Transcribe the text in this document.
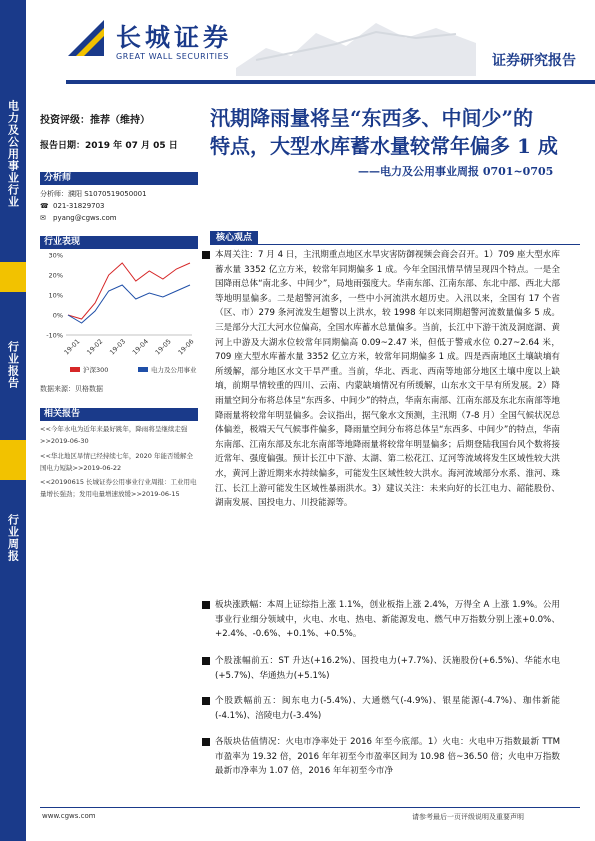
电力及公用事业行业
行业报告
行业周报
长城证券
GREAT WALL SECURITIES	证券研究报告
投资评级：推荐（维持）
报告日期：2019 年 07 月 05 日
分析师
分析师：濮阳 S1070519050001
☎ 021-31829703
✉	pyang@cgws.com
行业表现
30%
20%
10%
0%
-10%
19-01 19-02 19-03 19-04 19-05 19-06
沪深300	电力及公用事业
数据来源：贝格数据
相关报告
<<今年水电为近年来最好跳年，降雨将呈继续走强>>2019-06-30
<<华北地区旱情已经持续七年，2020 年能否缓解全国电力短缺>>2019-06-22
<<20190615 长城证券公用事业行业周报：工业用电量增长强劲；发用电量增速放缓>>2019-06-15
汛期降雨量将呈“东西多、中间少”的
特点，大型水库蓄水量较常年偏多 1 成
——电力及公用事业周报 0701~0705
核心观点
本周关注：7 月 4 日，主汛期重点地区水旱灾害防御视频会商会召开。1）709 座大型水库蓄水量 3352 亿立方米，较常年同期偏多 1 成。今年全国汛情旱情呈现四个特点。一是全国降雨总体“南北多、中间少”，局地雨强度大。华南东部、江南东部、东北中部、西北大部等地明显偏多。二是超警河流多，一些中小河流洪水超历史。入汛以来，全国有 17 个省（区、市）279 条河流发生超警以上洪水，较 1998 年以来同期超警河流数量偏多 5 成。三是部分大江大河水位偏高，全国水库蓄水总量偏多。当前，长江中下游干流及洞庭湖、黄河上中游及大湖水位较常年同期偏高 0.09~2.47 米，但低于警戒水位 0.27~2.64 米，709 座大型水库蓄水量 3352 亿立方米，较常年同期偏多 1 成。四是西南地区土壤缺墒有所缓解，部分地区水文干旱严重。当前，华北、西北、西南等地部分地区土壤中度以上缺墒，前期旱情较重的四川、云南、内蒙缺墒情况有所缓解，山东水文干早有所发展。2）降雨量空间分布将总体呈“东西多、中间少”的特点，华南东南部、江南东部及东北东南部等地降雨量将较常年明显偏多。会议指出，据气象水文预测，主汛期（7-8 月）全国气候状况总体偏差，极端天气气候事件偏多，降雨量空间分布将总体呈“东西多、中间少”的特点，华南东南部、江南东部及东北东南部等地降雨量将较常年明显偏多；后期登陆我国台风个数将接近常年、强度偏强。预计长江中下游、太湖、第二松花江、辽河等流域将发生区域性较大洪水，黄河上游近期来水持续偏多，可能发生区域性较大洪水。海河流域部分水系、淮河、珠江、长江上游可能发生区域性暴雨洪水。3）建议关注：未来向好的长江电力、韶能股份、湖南发展、国投电力、川投能源等。
板块涨跌幅：本周上证综指上涨 1.1%，创业板指上涨 2.4%，万得全 A 上涨 1.9%。公用事业行业细分领域中，火电、水电、热电、新能源发电、燃气申万指数分别上涨+0.0%、+2.4%、-0.6%、+0.1%、+0.5%。
个股涨幅前五：ST 升达(+16.2%)、国投电力(+7.7%)、沃施股份(+6.5%)、华能水电(+5.7%)、华通热力(+5.1%)
个股跌幅前五：闽东电力(-5.4%)、大通燃气(-4.9%)、银星能源(-4.7%)、珈伟新能(-4.1%)、涪陵电力(-3.4%)
各版块估值情况：火电市净率处于 2016 年至今底部。1）火电：火电申万指数最新 TTM 市盈率为 19.32 倍，2016 年年初至今市盈率区间为 10.98 倍~36.50 倍；火电申万指数最新市净率为 1.07 倍，2016 年年初至今市净
www.cgws.com	请参考最后一页评级说明及重要声明
